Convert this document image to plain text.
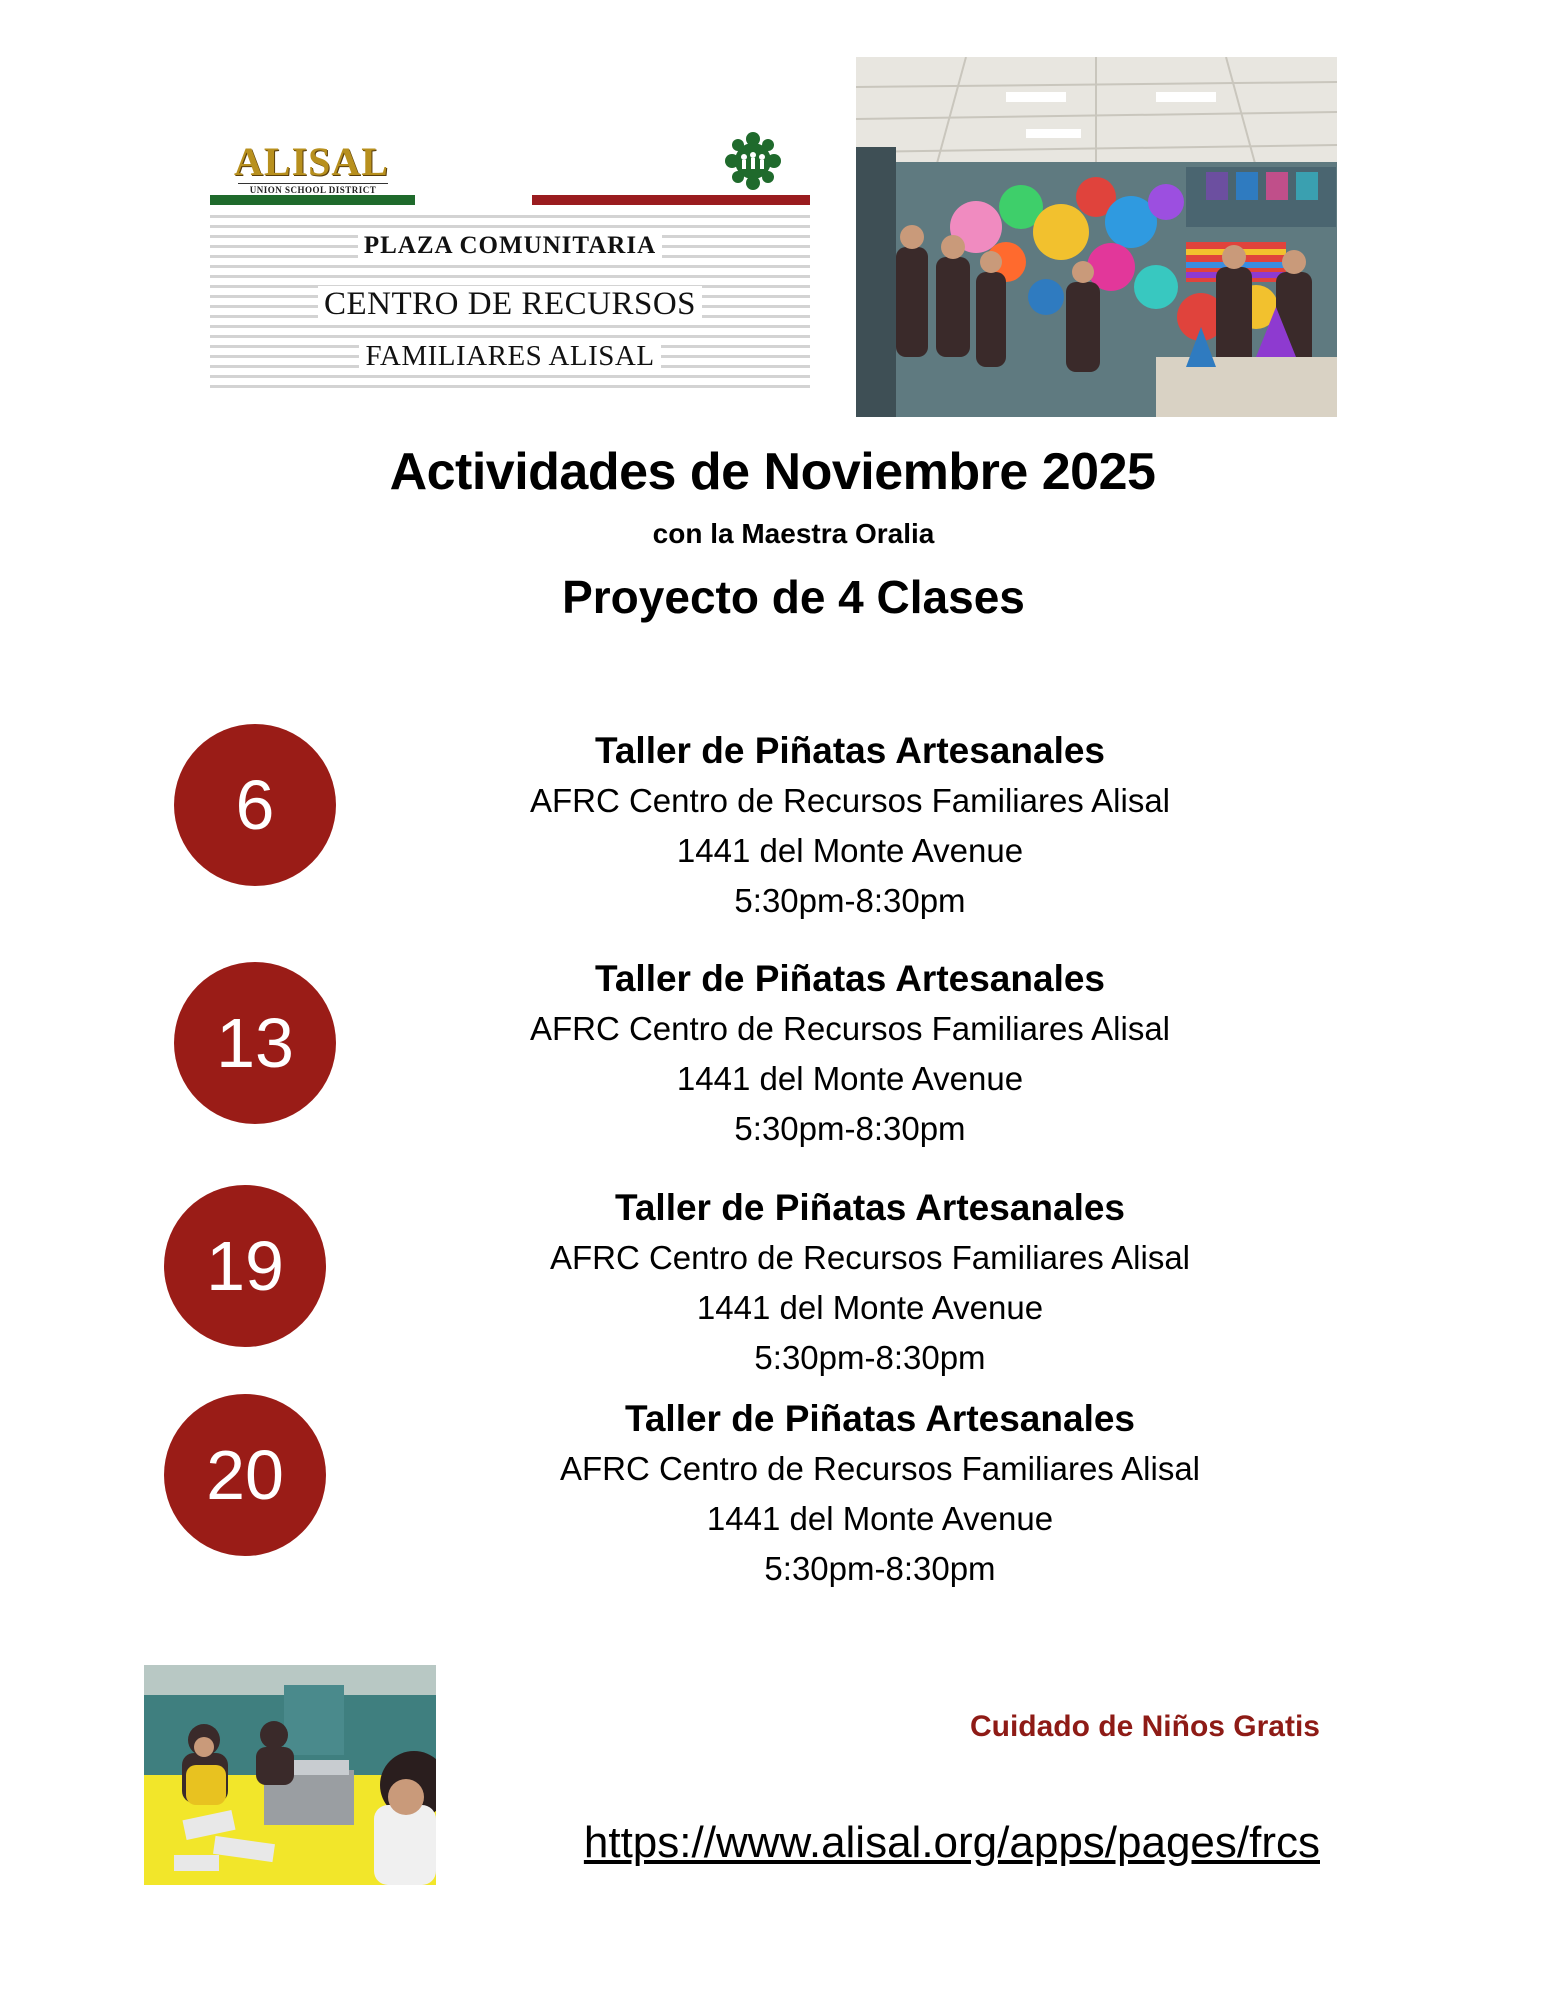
ALISAL
UNION SCHOOL DISTRICT
PLAZA COMUNITARIA
CENTRO DE RECURSOS
FAMILIARES ALISAL
Actividades de Noviembre 2025
con la Maestra Oralia
Proyecto de 4 Clases
6
Taller de Piñatas Artesanales
AFRC Centro de Recursos Familiares Alisal
1441 del Monte Avenue
5:30pm-8:30pm
13
Taller de Piñatas Artesanales
AFRC Centro de Recursos Familiares Alisal
1441 del Monte Avenue
5:30pm-8:30pm
19
Taller de Piñatas Artesanales
AFRC Centro de Recursos Familiares Alisal
1441 del Monte Avenue
5:30pm-8:30pm
20
Taller de Piñatas Artesanales
AFRC Centro de Recursos Familiares Alisal
1441 del Monte Avenue
5:30pm-8:30pm
Cuidado de Niños Gratis
https://www.alisal.org/apps/pages/frcs
